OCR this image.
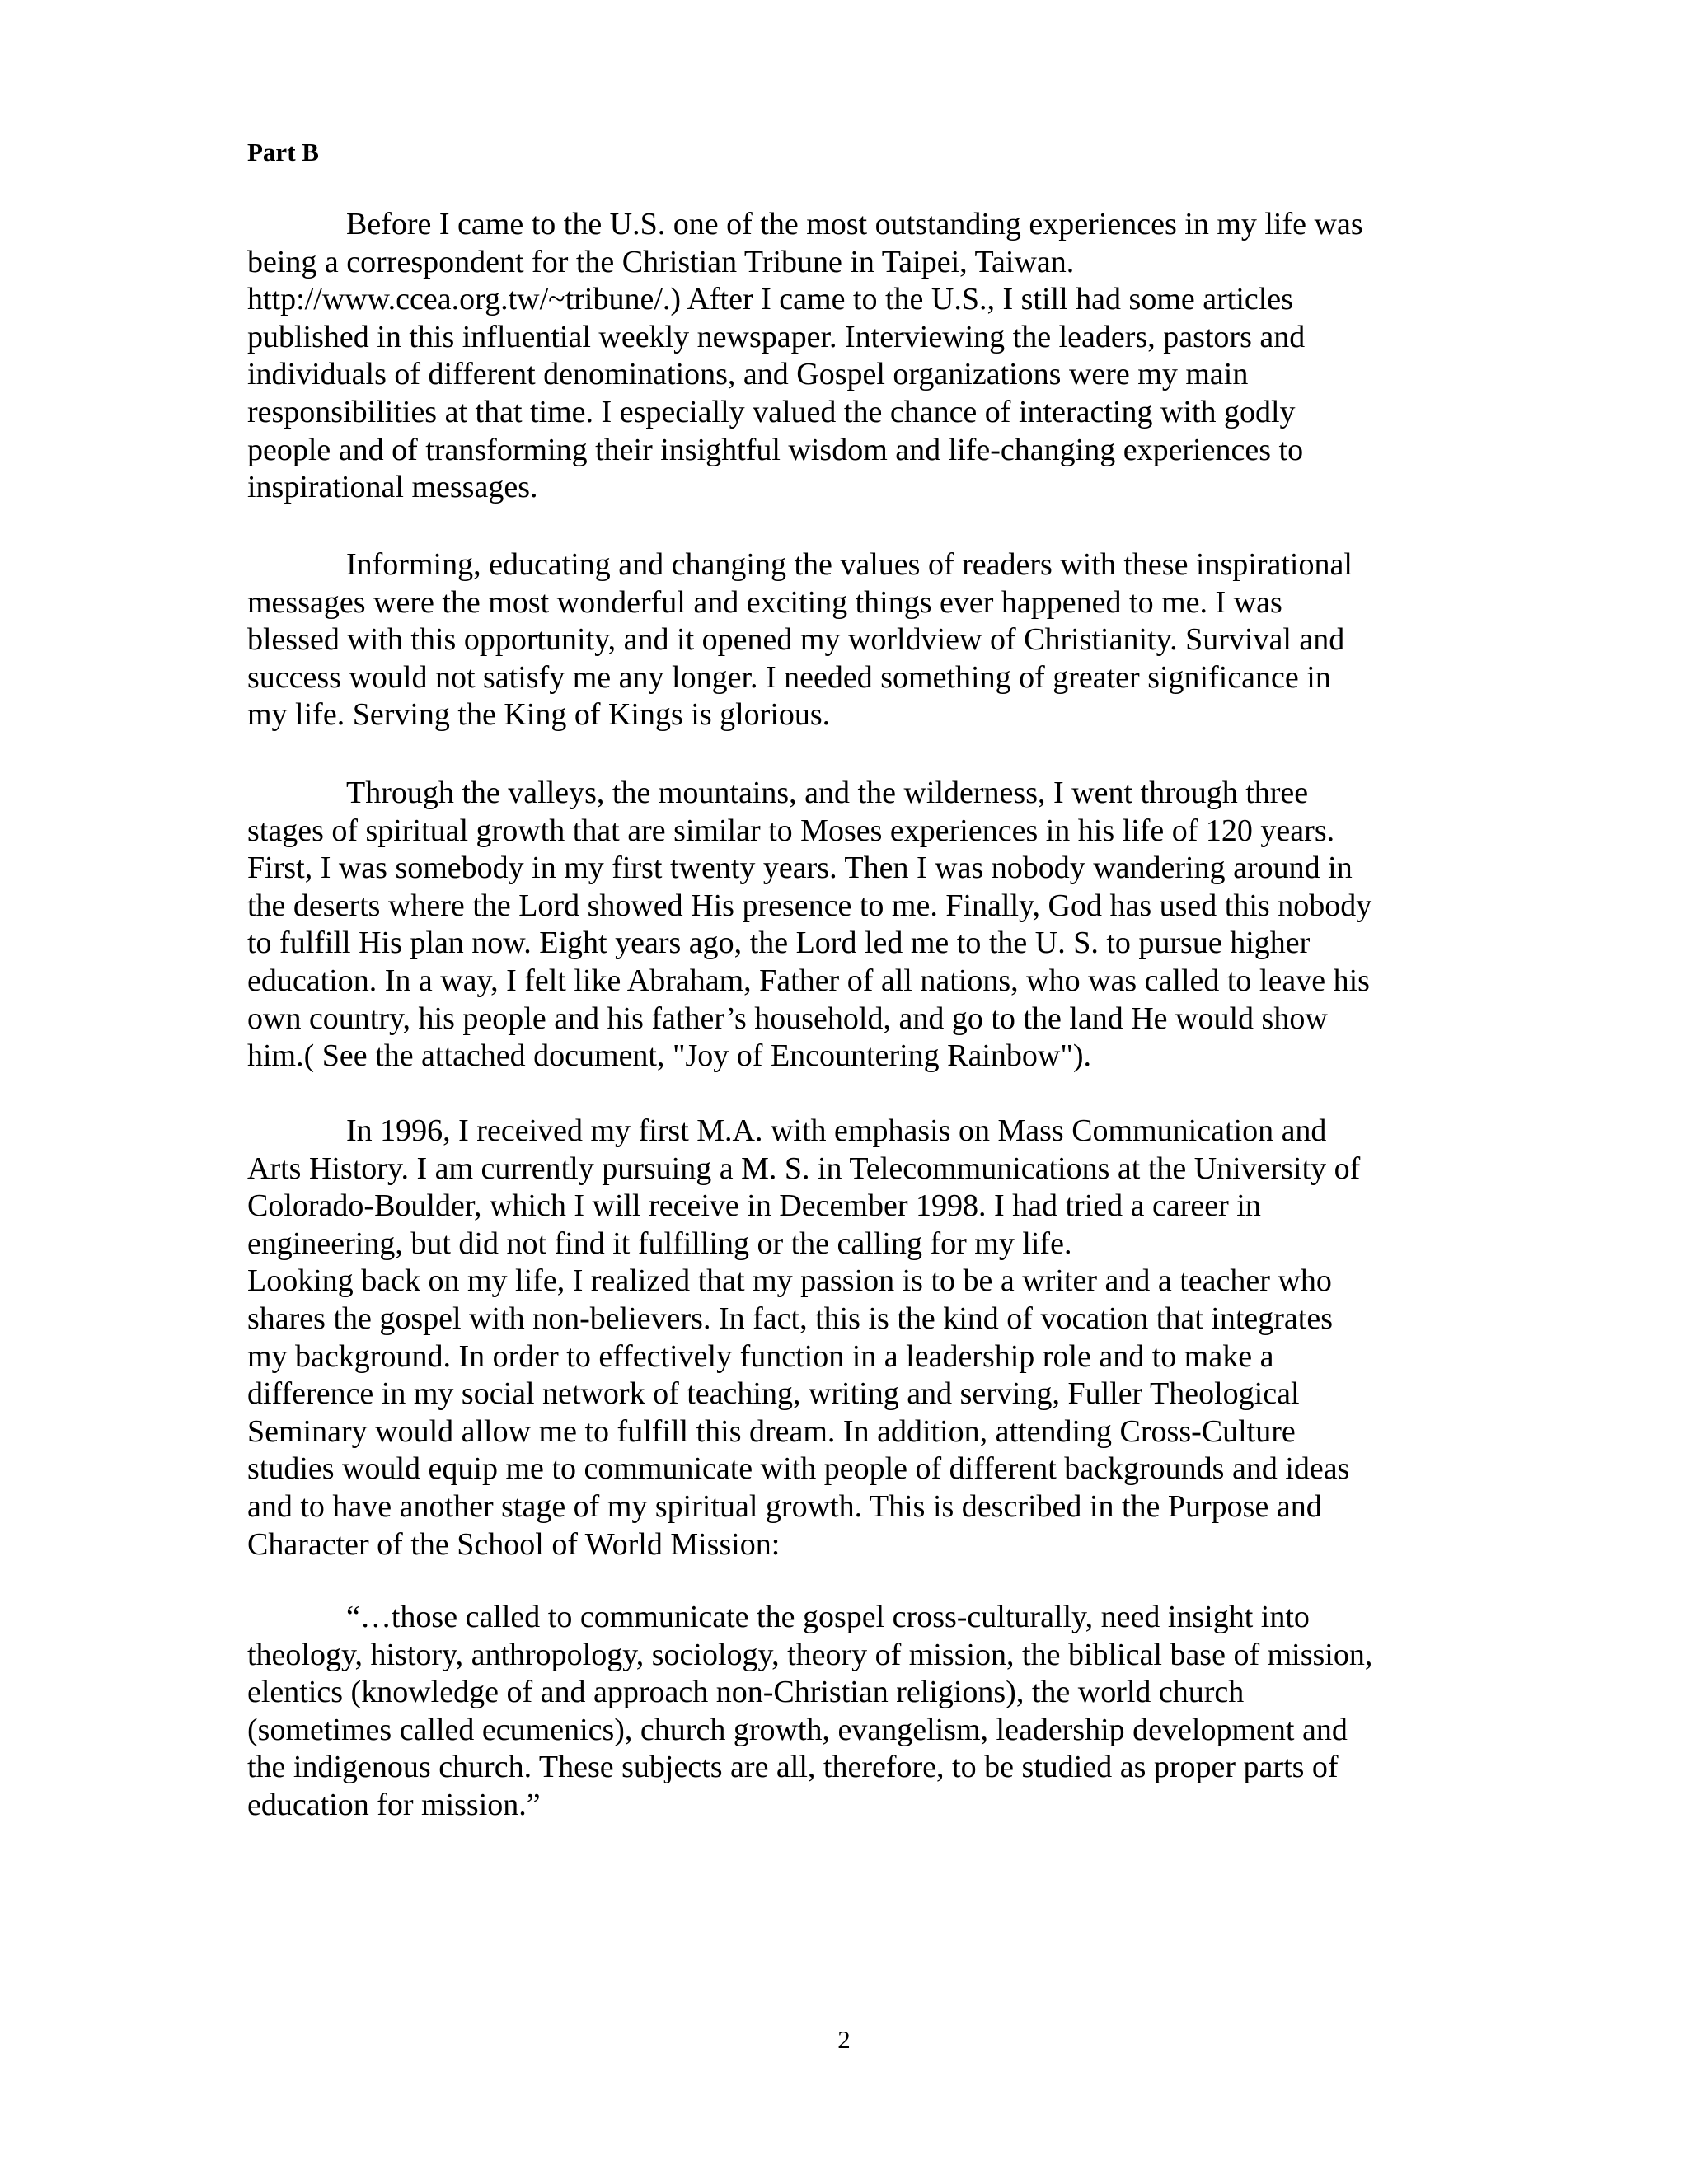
Part B
Before I came to the U.S. one of the most outstanding experiences in my life was
being a correspondent for the Christian Tribune in Taipei, Taiwan.
http://www.ccea.org.tw/~tribune/.) After I came to the U.S., I still had some articles
published in this influential weekly newspaper. Interviewing the leaders, pastors and
individuals of different denominations, and Gospel organizations were my main
responsibilities at that time. I especially valued the chance of interacting with godly
people and of transforming their insightful wisdom and life-changing experiences to
inspirational messages.
Informing, educating and changing the values of readers with these inspirational
messages were the most wonderful and exciting things ever happened to me. I was
blessed with this opportunity, and it opened my worldview of Christianity. Survival and
success would not satisfy me any longer. I needed something of greater significance in
my life. Serving the King of Kings is glorious.
Through the valleys, the mountains, and the wilderness, I went through three
stages of spiritual growth that are similar to Moses experiences in his life of 120 years.
First, I was somebody in my first twenty years. Then I was nobody wandering around in
the deserts where the Lord showed His presence to me. Finally, God has used this nobody
to fulfill His plan now. Eight years ago, the Lord led me to the U. S. to pursue higher
education. In a way, I felt like Abraham, Father of all nations, who was called to leave his
own country, his people and his father’s household, and go to the land He would show
him.( See the attached document, "Joy of Encountering Rainbow").
In 1996, I received my first M.A. with emphasis on Mass Communication and
Arts History. I am currently pursuing a M. S. in Telecommunications at the University of
Colorado-Boulder, which I will receive in December 1998. I had tried a career in
engineering, but did not find it fulfilling or the calling for my life.
Looking back on my life, I realized that my passion is to be a writer and a teacher who
shares the gospel with non-believers. In fact, this is the kind of vocation that integrates
my background. In order to effectively function in a leadership role and to make a
difference in my social network of teaching, writing and serving, Fuller Theological
Seminary would allow me to fulfill this dream. In addition, attending Cross-Culture
studies would equip me to communicate with people of different backgrounds and ideas
and to have another stage of my spiritual growth. This is described in the Purpose and
Character of the School of World Mission:
“…those called to communicate the gospel cross-culturally, need insight into
theology, history, anthropology, sociology, theory of mission, the biblical base of mission,
elentics (knowledge of and approach non-Christian religions), the world church
(sometimes called ecumenics), church growth, evangelism, leadership development and
the indigenous church. These subjects are all, therefore, to be studied as proper parts of
education for mission.”
2
